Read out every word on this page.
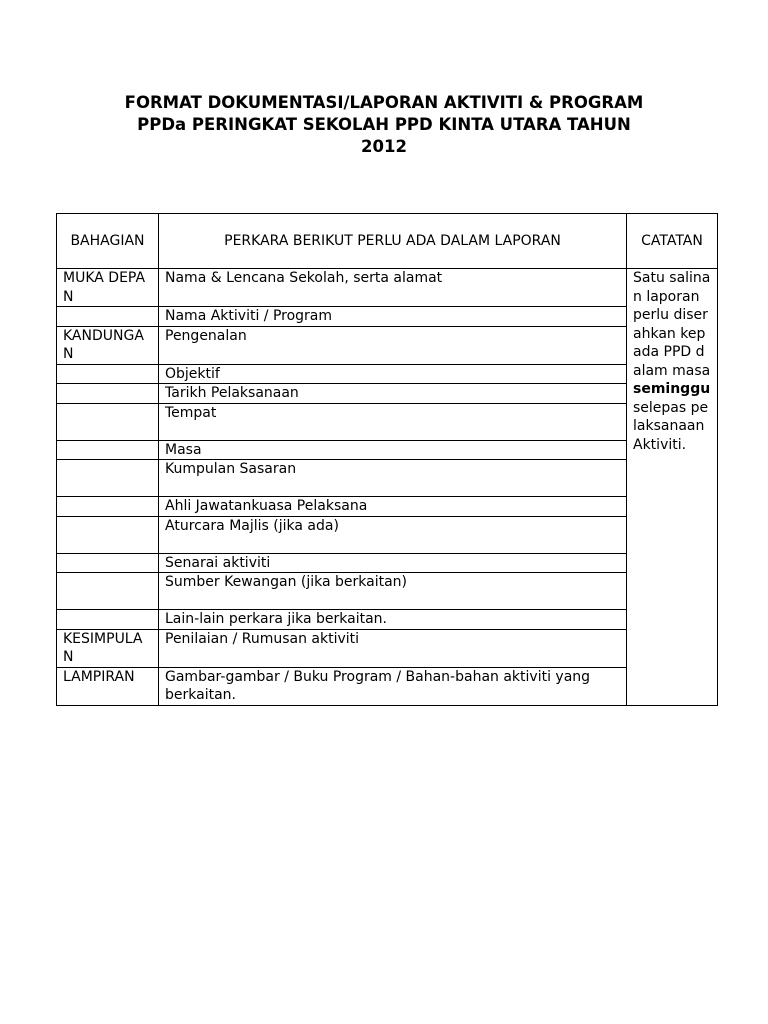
FORMAT DOKUMENTASI/LAPORAN AKTIVITI & PROGRAM
PPDa PERINGKAT SEKOLAH PPD KINTA UTARA TAHUN
2012
BAHAGIAN	PERKARA BERIKUT PERLU ADA DALAM LAPORAN	CATATAN
MUKA DEPAN	Nama & Lencana Sekolah, serta alamat	Satu salinan laporan perlu diserahkan kepada PPD dalam masa seminggu selepas pelaksanaan Aktiviti.
	Nama Aktiviti / Program	
KANDUNGAN	Pengenalan	
	Objektif	
	Tarikh Pelaksanaan	
	Tempat	
	Masa	
	Kumpulan Sasaran	
	Ahli Jawatankuasa Pelaksana	
	Aturcara Majlis (jika ada)	
	Senarai aktiviti	
	Sumber Kewangan (jika berkaitan)	
	Lain-lain perkara jika berkaitan.	
KESIMPULAN	Penilaian / Rumusan aktiviti	
LAMPIRAN	Gambar-gambar / Buku Program / Bahan-bahan aktiviti yang berkaitan.	
